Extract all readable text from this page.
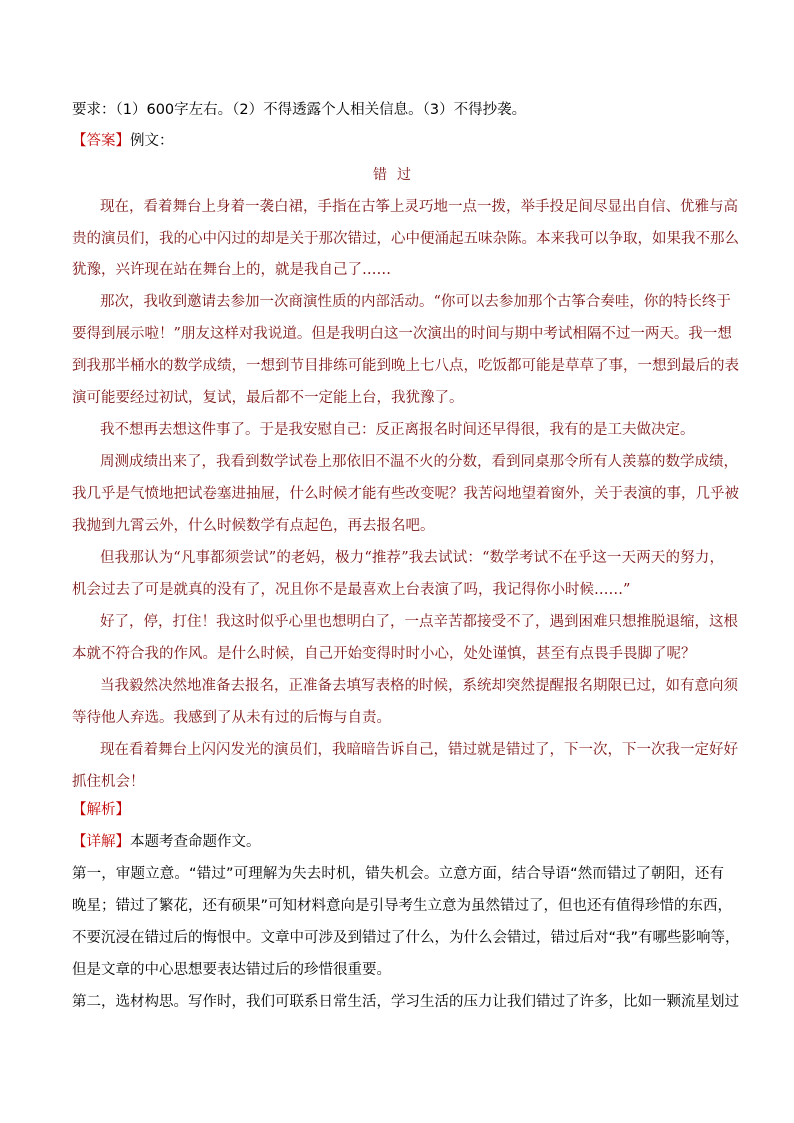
要求：（1）600字左右。（2）不得透露个人相关信息。（3）不得抄袭。
【答案】例文：
错过
现在，看着舞台上身着一袭白裙，手指在古筝上灵巧地一点一拨，举手投足间尽显出自信、优雅与高
贵的演员们，我的心中闪过的却是关于那次错过，心中便涌起五味杂陈。本来我可以争取，如果我不那么
犹豫，兴许现在站在舞台上的，就是我自己了……
那次，我收到邀请去参加一次商演性质的内部活动。“你可以去参加那个古筝合奏哇，你的特长终于
要得到展示啦！”朋友这样对我说道。但是我明白这一次演出的时间与期中考试相隔不过一两天。我一想
到我那半桶水的数学成绩，一想到节目排练可能到晚上七八点，吃饭都可能是草草了事，一想到最后的表
演可能要经过初试，复试，最后都不一定能上台，我犹豫了。
我不想再去想这件事了。于是我安慰自己：反正离报名时间还早得很，我有的是工夫做决定。
周测成绩出来了，我看到数学试卷上那依旧不温不火的分数，看到同桌那令所有人羡慕的数学成绩，
我几乎是气愤地把试卷塞进抽屉，什么时候才能有些改变呢？我苦闷地望着窗外，关于表演的事，几乎被
我抛到九霄云外，什么时候数学有点起色，再去报名吧。
但我那认为“凡事都须尝试”的老妈，极力“推荐”我去试试：“数学考试不在乎这一天两天的努力，
机会过去了可是就真的没有了，况且你不是最喜欢上台表演了吗，我记得你小时候……”
好了，停，打住！我这时似乎心里也想明白了，一点辛苦都接受不了，遇到困难只想推脱退缩，这根
本就不符合我的作风。是什么时候，自己开始变得时时小心，处处谨慎，甚至有点畏手畏脚了呢？
当我毅然决然地准备去报名，正准备去填写表格的时候，系统却突然提醒报名期限已过，如有意向须
等待他人弃选。我感到了从未有过的后悔与自责。
现在看着舞台上闪闪发光的演员们，我暗暗告诉自己，错过就是错过了，下一次，下一次我一定好好
抓住机会！
【解析】
【详解】本题考查命题作文。
第一，审题立意。“错过”可理解为失去时机，错失机会。立意方面，结合导语“然而错过了朝阳，还有
晚星；错过了繁花，还有硕果”可知材料意向是引导考生立意为虽然错过了，但也还有值得珍惜的东西，
不要沉浸在错过后的悔恨中。文章中可涉及到错过了什么，为什么会错过，错过后对“我”有哪些影响等，
但是文章的中心思想要表达错过后的珍惜很重要。
第二，选材构思。写作时，我们可联系日常生活，学习生活的压力让我们错过了许多，比如一颗流星划过
